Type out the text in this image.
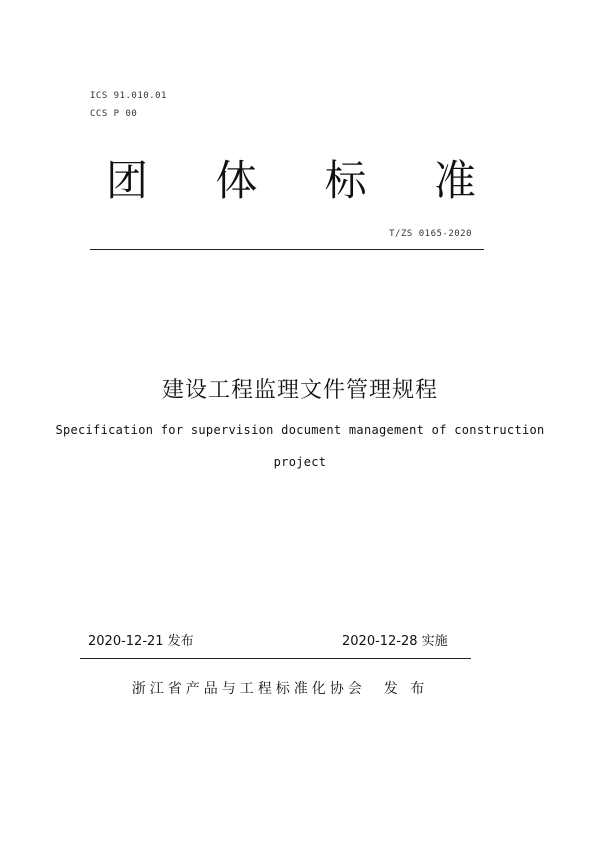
ICS 91.010.01
CCS P 00
团 体 标 准
T/ZS 0165-2020
建设工程监理文件管理规程
Specification for supervision document management of construction
project
2020-12-21 发布	2020-12-28 实施
浙江省产品与工程标准化协会 发 布
